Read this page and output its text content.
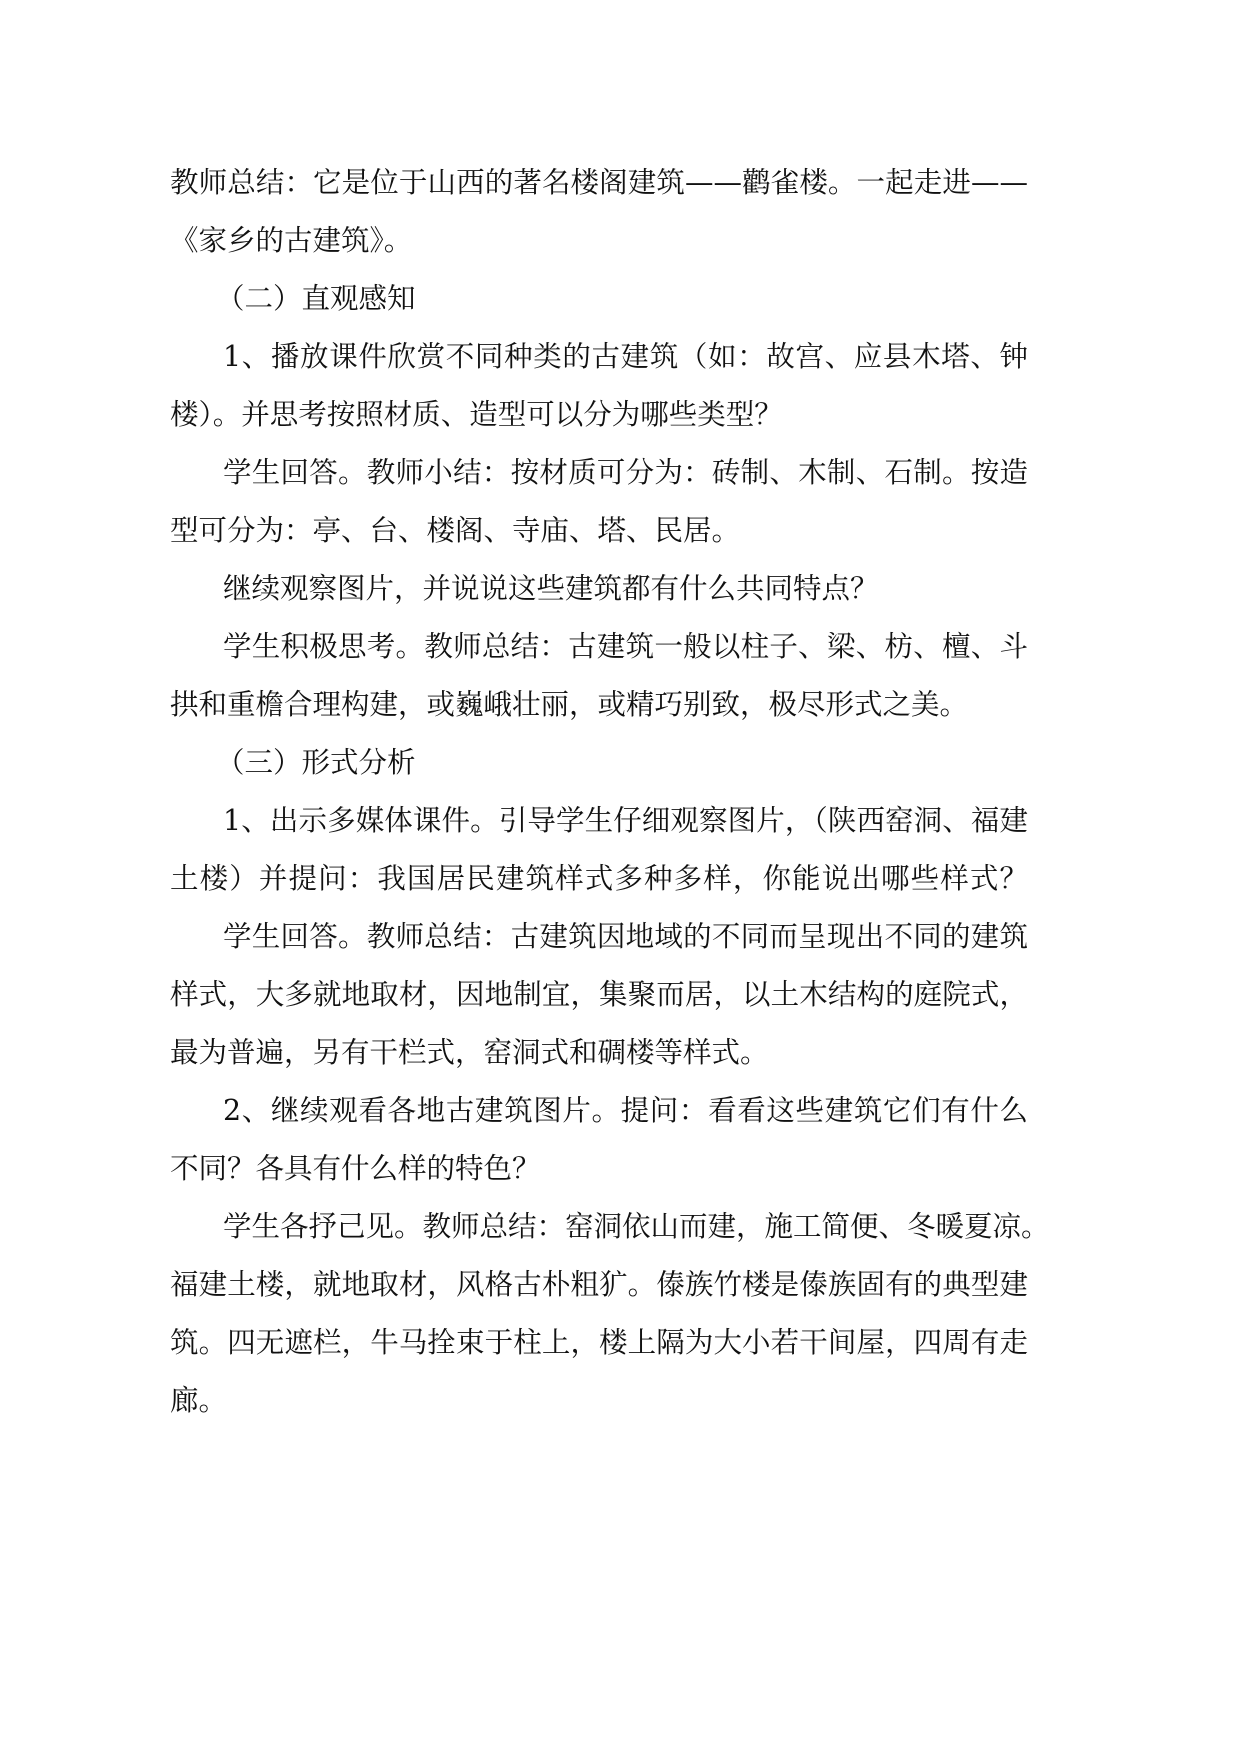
教师总结：它是位于山西的著名楼阁建筑——鹳雀楼。一起走进——
《家乡的古建筑》。
（二）直观感知
1、播放课件欣赏不同种类的古建筑（如：故宫、应县木塔、钟
楼）。并思考按照材质、造型可以分为哪些类型？
学生回答。教师小结：按材质可分为：砖制、木制、石制。按造
型可分为：亭、台、楼阁、寺庙、塔、民居。
继续观察图片，并说说这些建筑都有什么共同特点？
学生积极思考。教师总结：古建筑一般以柱子、梁、枋、檀、斗
拱和重檐合理构建，或巍峨壮丽，或精巧别致，极尽形式之美。
（三）形式分析
1、出示多媒体课件。引导学生仔细观察图片，（陕西窑洞、福建
土楼）并提问：我国居民建筑样式多种多样，你能说出哪些样式？
学生回答。教师总结：古建筑因地域的不同而呈现出不同的建筑
样式，大多就地取材，因地制宜，集聚而居，以土木结构的庭院式，
最为普遍，另有干栏式，窑洞式和碉楼等样式。
2、继续观看各地古建筑图片。提问：看看这些建筑它们有什么
不同？各具有什么样的特色？
学生各抒己见。教师总结：窑洞依山而建，施工简便、冬暖夏凉。
福建土楼，就地取材，风格古朴粗犷。傣族竹楼是傣族固有的典型建
筑。四无遮栏，牛马拴束于柱上，楼上隔为大小若干间屋，四周有走
廊。
